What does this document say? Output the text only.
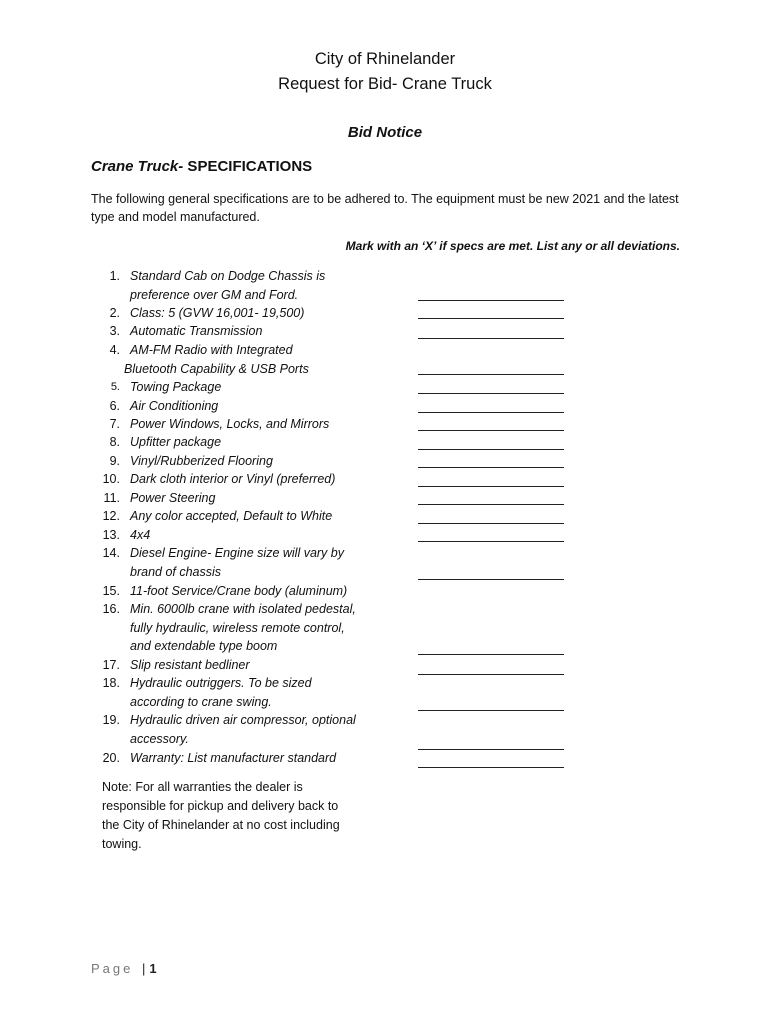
City of Rhinelander
Request for Bid- Crane Truck
Bid Notice
Crane Truck- SPECIFICATIONS
The following general specifications are to be adhered to. The equipment must be new 2021 and the latest type and model manufactured.
Mark with an ‘X’ if specs are met. List any or all deviations.
1. Standard Cab on Dodge Chassis is
preference over GM and Ford.
2. Class: 5 (GVW 16,001- 19,500)
3. Automatic Transmission
4. AM-FM Radio with Integrated
Bluetooth Capability & USB Ports
5. Towing Package
6. Air Conditioning
7. Power Windows, Locks, and Mirrors
8. Upfitter package
9. Vinyl/Rubberized Flooring
10. Dark cloth interior or Vinyl (preferred)
11. Power Steering
12. Any color accepted, Default to White
13. 4x4
14. Diesel Engine- Engine size will vary by
brand of chassis
15. 11-foot Service/Crane body (aluminum)
16. Min. 6000lb crane with isolated pedestal,
fully hydraulic, wireless remote control,
and extendable type boom
17. Slip resistant bedliner
18. Hydraulic outriggers. To be sized
according to crane swing.
19. Hydraulic driven air compressor, optional
accessory.
20. Warranty: List manufacturer standard
Note: For all warranties the dealer is
responsible for pickup and delivery back to
the City of Rhinelander at no cost including
towing.
Page | 1
